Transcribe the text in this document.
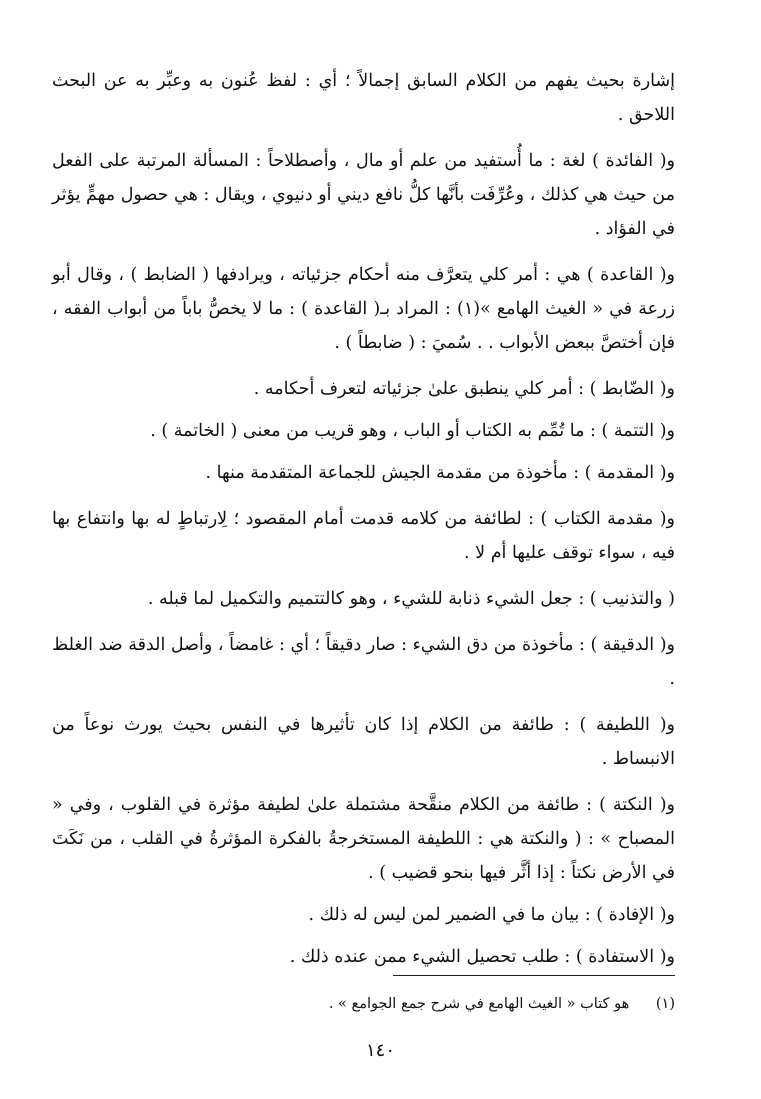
إشارة بحيث يفهم من الكلام السابق إجمالاً ؛ أي : لفظ عُنون به وعبِّر به عن البحث اللاحق .

و( الفائدة ) لغة : ما أُستفيد من علم أو مال ، وأصطلاحاً : المسألة المرتبة على الفعل من حيث هي كذلك ، وعُرِّفَت بأنَّها كلُّ نافع ديني أو دنيوي ، ويقال : هي حصول مهمٍّ يؤثر في الفؤاد .

و( القاعدة ) هي : أمر كلي يتعرَّف منه أحكام جزئياته ، ويرادفها ( الضابط ) ، وقال أبو زرعة في « الغيث الهامع »(١) : المراد بـ( القاعدة ) : ما لا يخصُّ باباً من أبواب الفقه ، فإن أختصَّ ببعض الأبواب . . سُميَ : ( ضابطاً ) .

و( الضّابط ) : أمر كلي ينطبق علىٰ جزئياته لتعرف أحكامه .

و( التتمة ) : ما تُمِّم به الكتاب أو الباب ، وهو قريب من معنى ( الخاتمة ) .

و( المقدمة ) : مأخوذة من مقدمة الجيش للجماعة المتقدمة منها .

و( مقدمة الكتاب ) : لطائفة من كلامه قدمت أمام المقصود ؛ لِارتباطٍ له بها وانتفاع بها فيه ، سواء توقف عليها أم لا .

( والتذنيب ) : جعل الشيء ذنابة للشيء ، وهو كالتتميم والتكميل لما قبله .

و( الدقيقة ) : مأخوذة من دق الشيء : صار دقيقاً ؛ أي : غامضاً ، وأصل الدقة ضد الغلظ .

و( اللطيفة ) : طائفة من الكلام إذا كان تأثيرها في النفس بحيث يورث نوعاً من الانبساط .

و( النكتة ) : طائفة من الكلام منقَّحة مشتملة علىٰ لطيفة مؤثرة في القلوب ، وفي « المصباح » : ( والنكتة هي : اللطيفة المستخرجةُ بالفكرة المؤثرةُ في القلب ، من نَكَتَ في الأرض نكتاً : إذا أثَّر فيها بنحو قضيب ) .

و( الإفادة ) : بيان ما في الضمير لمن ليس له ذلك .

و( الاستفادة ) : طلب تحصيل الشيء ممن عنده ذلك .

(١) هو كتاب « الغيث الهامع في شرح جمع الجوامع » .
١٤٠
